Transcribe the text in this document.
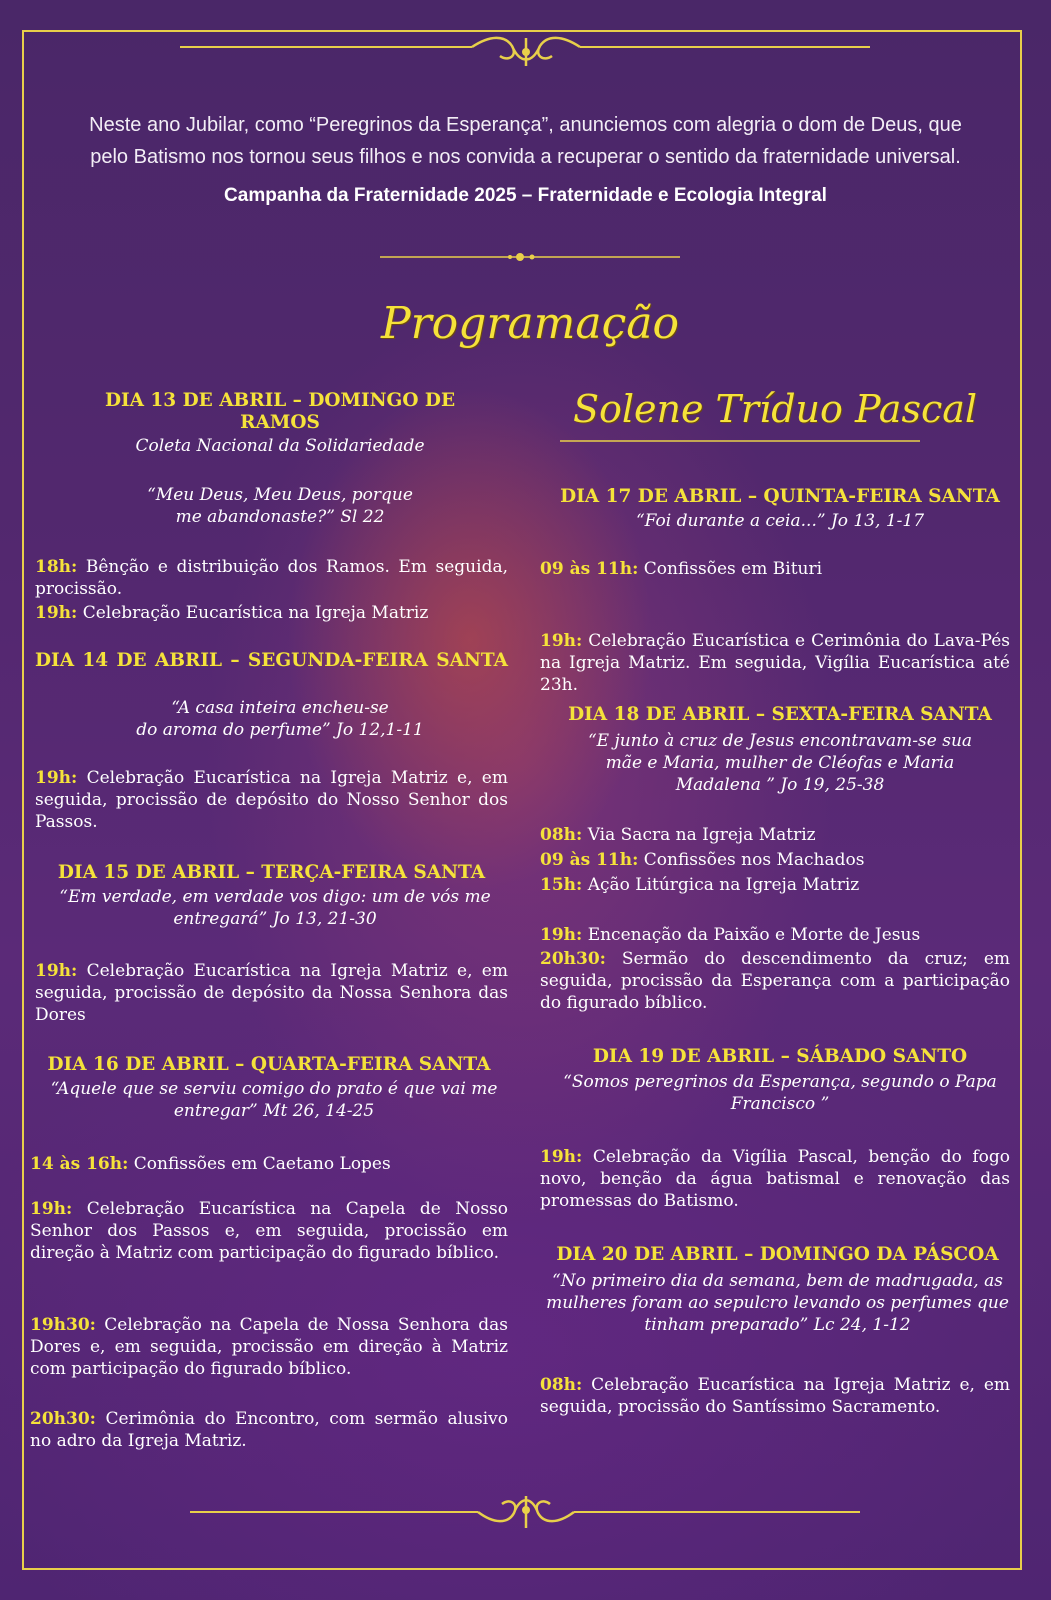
Neste ano Jubilar, como “Peregrinos da Esperança”, anunciemos com alegria o dom de Deus, que
pelo Batismo nos tornou seus filhos e nos convida a recuperar o sentido da fraternidade universal.
Campanha da Fraternidade 2025 – Fraternidade e Ecologia Integral
Programação
Solene Tríduo Pascal
DIA 13 DE ABRIL – DOMINGO DE
RAMOS
Coleta Nacional da Solidariedade
“Meu Deus, Meu Deus, porque
me abandonaste?” Sl 22
18h: Bênção e distribuição dos Ramos. Em seguida, procissão.
19h: Celebração Eucarística na Igreja Matriz
DIA 14 DE ABRIL – SEGUNDA-FEIRA SANTA
“A casa inteira encheu-se
do aroma do perfume” Jo 12,1-11
19h: Celebração Eucarística na Igreja Matriz e, em seguida, procissão de depósito do Nosso Senhor dos Passos.
DIA 15 DE ABRIL – TERÇA-FEIRA SANTA
“Em verdade, em verdade vos digo: um de vós me
entregará” Jo 13, 21-30
19h: Celebração Eucarística na Igreja Matriz e, em seguida, procissão de depósito da Nossa Senhora das Dores
DIA 16 DE ABRIL – QUARTA-FEIRA SANTA
“Aquele que se serviu comigo do prato é que vai me
entregar” Mt 26, 14-25
14 às 16h: Confissões em Caetano Lopes
19h: Celebração Eucarística na Capela de Nosso Senhor dos Passos e, em seguida, procissão em direção à Matriz com participação do figurado bíblico.
19h30: Celebração na Capela de Nossa Senhora das Dores e, em seguida, procissão em direção à Matriz com participação do figurado bíblico.
20h30: Cerimônia do Encontro, com sermão alusivo no adro da Igreja Matriz.
DIA 17 DE ABRIL – QUINTA-FEIRA SANTA
“Foi durante a ceia...” Jo 13, 1-17
09 às 11h: Confissões em Bituri
19h: Celebração Eucarística e Cerimônia do Lava-Pés na Igreja Matriz. Em seguida, Vigília Eucarística até 23h.
DIA 18 DE ABRIL – SEXTA-FEIRA SANTA
“E junto à cruz de Jesus encontravam-se sua
mãe e Maria, mulher de Cléofas e Maria
Madalena ” Jo 19, 25-38
08h: Via Sacra na Igreja Matriz
09 às 11h: Confissões nos Machados
15h: Ação Litúrgica na Igreja Matriz
19h: Encenação da Paixão e Morte de Jesus
20h30: Sermão do descendimento da cruz; em seguida, procissão da Esperança com a participação do figurado bíblico.
DIA 19 DE ABRIL – SÁBADO SANTO
“Somos peregrinos da Esperança, segundo o Papa
Francisco ”
19h: Celebração da Vigília Pascal, benção do fogo novo, benção da água batismal e renovação das promessas do Batismo.
DIA 20 DE ABRIL – DOMINGO DA PÁSCOA
“No primeiro dia da semana, bem de madrugada, as
mulheres foram ao sepulcro levando os perfumes que
tinham preparado” Lc 24, 1-12
08h: Celebração Eucarística na Igreja Matriz e, em seguida, procissão do Santíssimo Sacramento.
